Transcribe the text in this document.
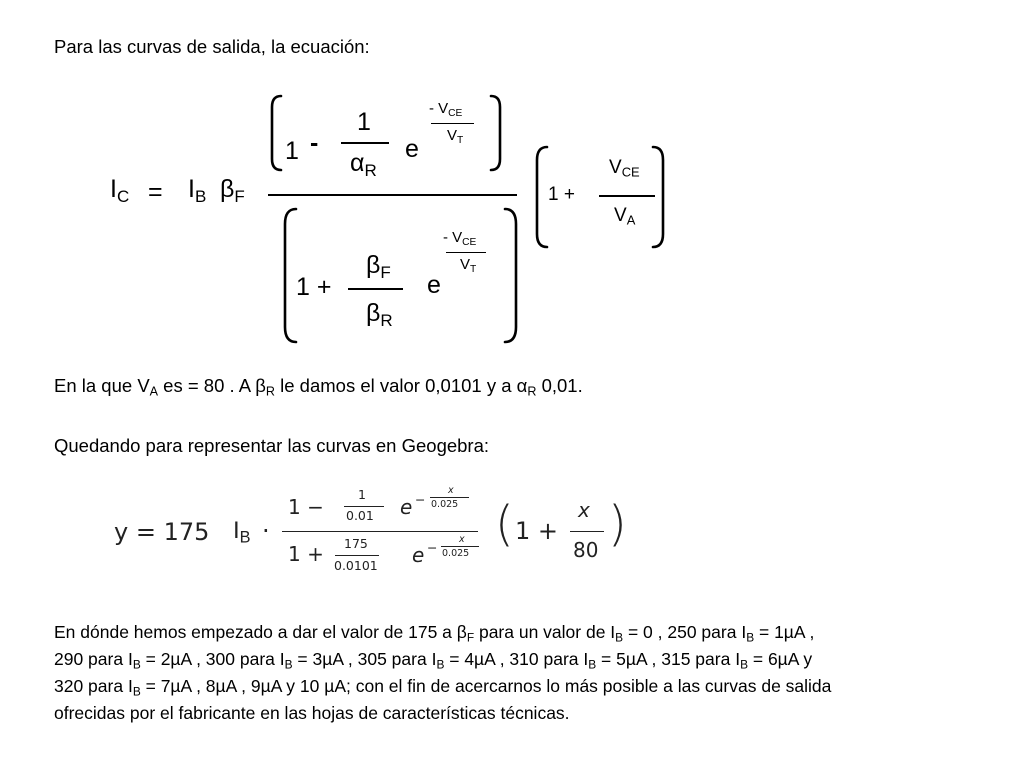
Para las curvas de salida, la ecuación:
$I_C = I_B$ $\beta_F$
1 -
1
$\alpha_R$
e
- $V_{CE}$
$V_T$
1 +
$\beta_F$
$\beta_R$
e
- $V_{CE}$
$V_T$
1 +
$V_{CE}$
$V_A$
En la que $V_A$ es = 80 . A $\beta_R$ le damos el valor 0,0101 y a $\alpha_R$ 0,01.
Quedando para representar las curvas en Geogebra:
y = 175 $I_B$ ·
1 −
1
0.01 e −
x
0.025
1 + 175
0.0101 e −
x
0.025
( 1 +
x
80 )
En dónde hemos empezado a dar el valor de 175 a $\beta_F$ para un valor de $I_B = 0$ , 250 para $I_B = 1\mu A$ ,
290 para $I_B = 2\mu A$ , 300 para $I_B = 3\mu A$ , 305 para $I_B = 4\mu A$ , 310 para $I_B = 5\mu A$ , 315 para $I_B = 6\mu A$ y
320 para $I_B = 7\mu A$ , 8µA , 9µA y 10 µA; con el fin de acercarnos lo más posible a las curvas de salida
ofrecidas por el fabricante en las hojas de características técnicas.
